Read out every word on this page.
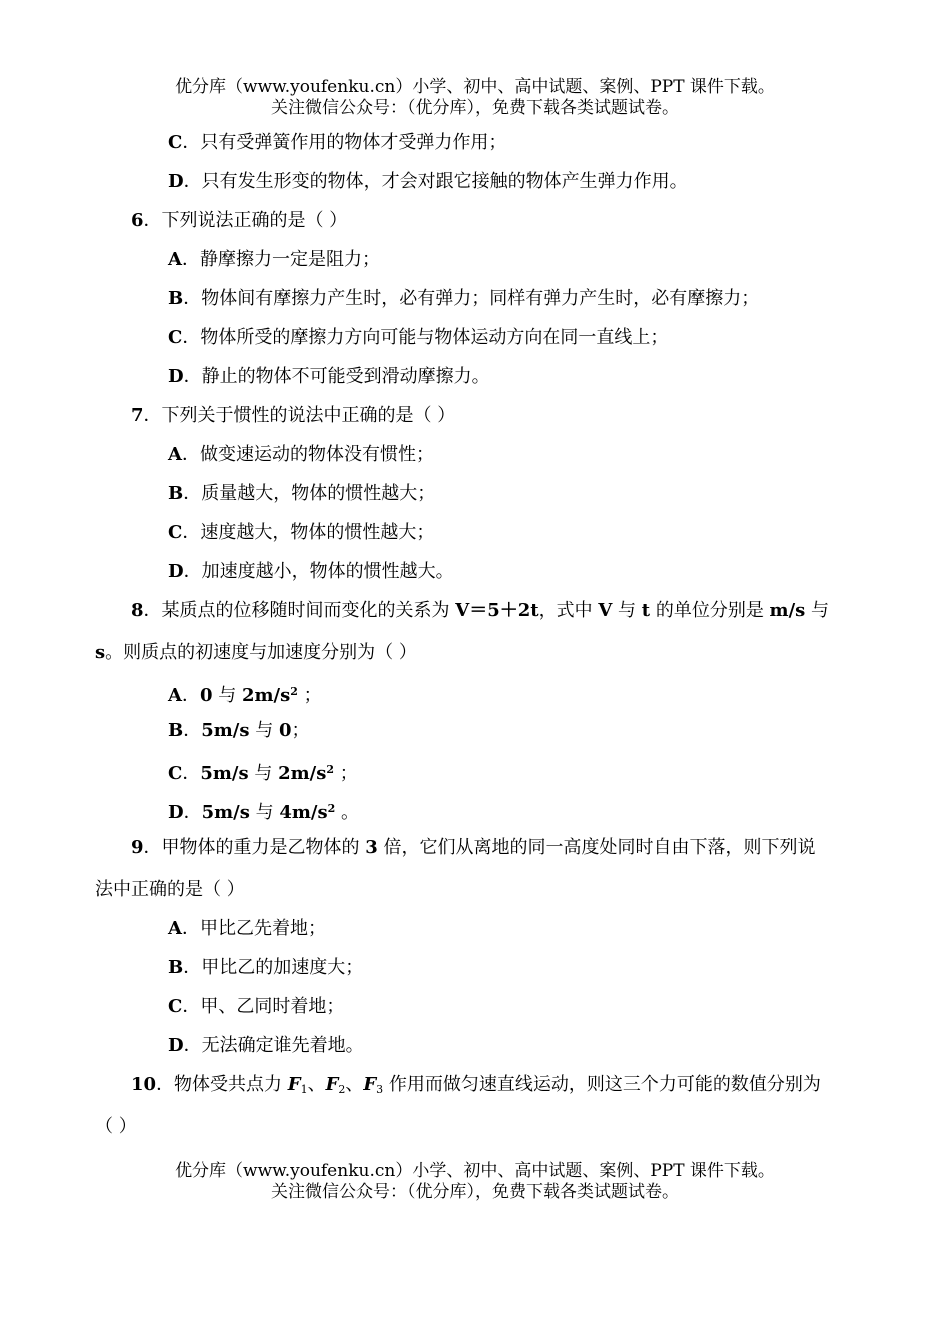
优分库（www.youfenku.cn）小学、初中、高中试题、案例、PPT 课件下载。
关注微信公众号：（优分库），免费下载各类试题试卷。
C．只有受弹簧作用的物体才受弹力作用；
D．只有发生形变的物体，才会对跟它接触的物体产生弹力作用。
6．下列说法正确的是（ ）
A．静摩擦力一定是阻力；
B．物体间有摩擦力产生时，必有弹力；同样有弹力产生时，必有摩擦力；
C．物体所受的摩擦力方向可能与物体运动方向在同一直线上；
D．静止的物体不可能受到滑动摩擦力。
7．下列关于惯性的说法中正确的是（ ）
A．做变速运动的物体没有惯性；
B．质量越大，物体的惯性越大；
C．速度越大，物体的惯性越大；
D．加速度越小，物体的惯性越大。
8．某质点的位移随时间而变化的关系为 V＝5＋2t，式中 V 与 t 的单位分别是 m/s 与
s。则质点的初速度与加速度分别为（ ）
A．0 与 $2m/s^2$ ；
B．5m/s 与 0；
C．5m/s 与 $2m/s^2$ ；
D．5m/s 与 $4m/s^2$ 。
9．甲物体的重力是乙物体的 3 倍，它们从离地的同一高度处同时自由下落，则下列说
法中正确的是（ ）
A．甲比乙先着地；
B．甲比乙的加速度大；
C．甲、乙同时着地；
D．无法确定谁先着地。
10．物体受共点力 $F_1$、$F_2$、$F_3$ 作用而做匀速直线运动，则这三个力可能的数值分别为
（ ）
优分库（www.youfenku.cn）小学、初中、高中试题、案例、PPT 课件下载。
关注微信公众号：（优分库），免费下载各类试题试卷。
